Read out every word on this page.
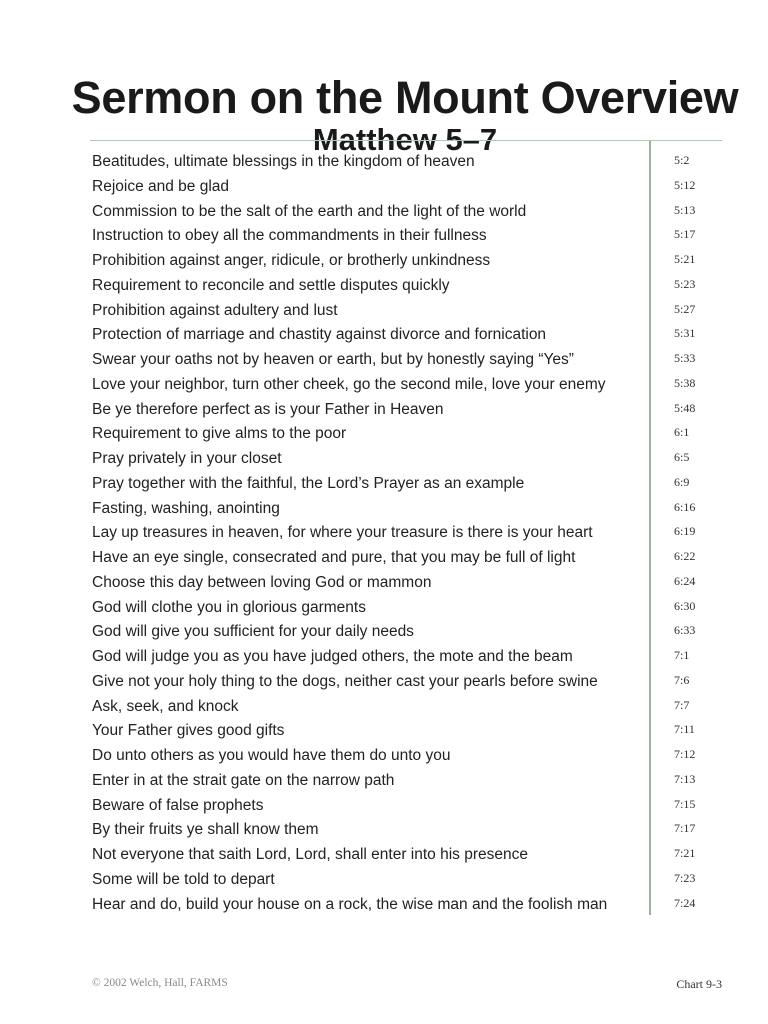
Sermon on the Mount Overview
Matthew 5–7
Beatitudes, ultimate blessings in the kingdom of heaven	5:2
Rejoice and be glad	5:12
Commission to be the salt of the earth and the light of the world	5:13
Instruction to obey all the commandments in their fullness	5:17
Prohibition against anger, ridicule, or brotherly unkindness	5:21
Requirement to reconcile and settle disputes quickly	5:23
Prohibition against adultery and lust	5:27
Protection of marriage and chastity against divorce and fornication	5:31
Swear your oaths not by heaven or earth, but by honestly saying “Yes”	5:33
Love your neighbor, turn other cheek, go the second mile, love your enemy	5:38
Be ye therefore perfect as is your Father in Heaven	5:48
Requirement to give alms to the poor	6:1
Pray privately in your closet	6:5
Pray together with the faithful, the Lord’s Prayer as an example	6:9
Fasting, washing, anointing	6:16
Lay up treasures in heaven, for where your treasure is there is your heart	6:19
Have an eye single, consecrated and pure, that you may be full of light	6:22
Choose this day between loving God or mammon	6:24
God will clothe you in glorious garments	6:30
God will give you sufficient for your daily needs	6:33
God will judge you as you have judged others, the mote and the beam	7:1
Give not your holy thing to the dogs, neither cast your pearls before swine	7:6
Ask, seek, and knock	7:7
Your Father gives good gifts	7:11
Do unto others as you would have them do unto you	7:12
Enter in at the strait gate on the narrow path	7:13
Beware of false prophets	7:15
By their fruits ye shall know them	7:17
Not everyone that saith Lord, Lord, shall enter into his presence	7:21
Some will be told to depart	7:23
Hear and do, build your house on a rock, the wise man and the foolish man	7:24
© 2002 Welch, Hall, FARMS	Chart 9-3
